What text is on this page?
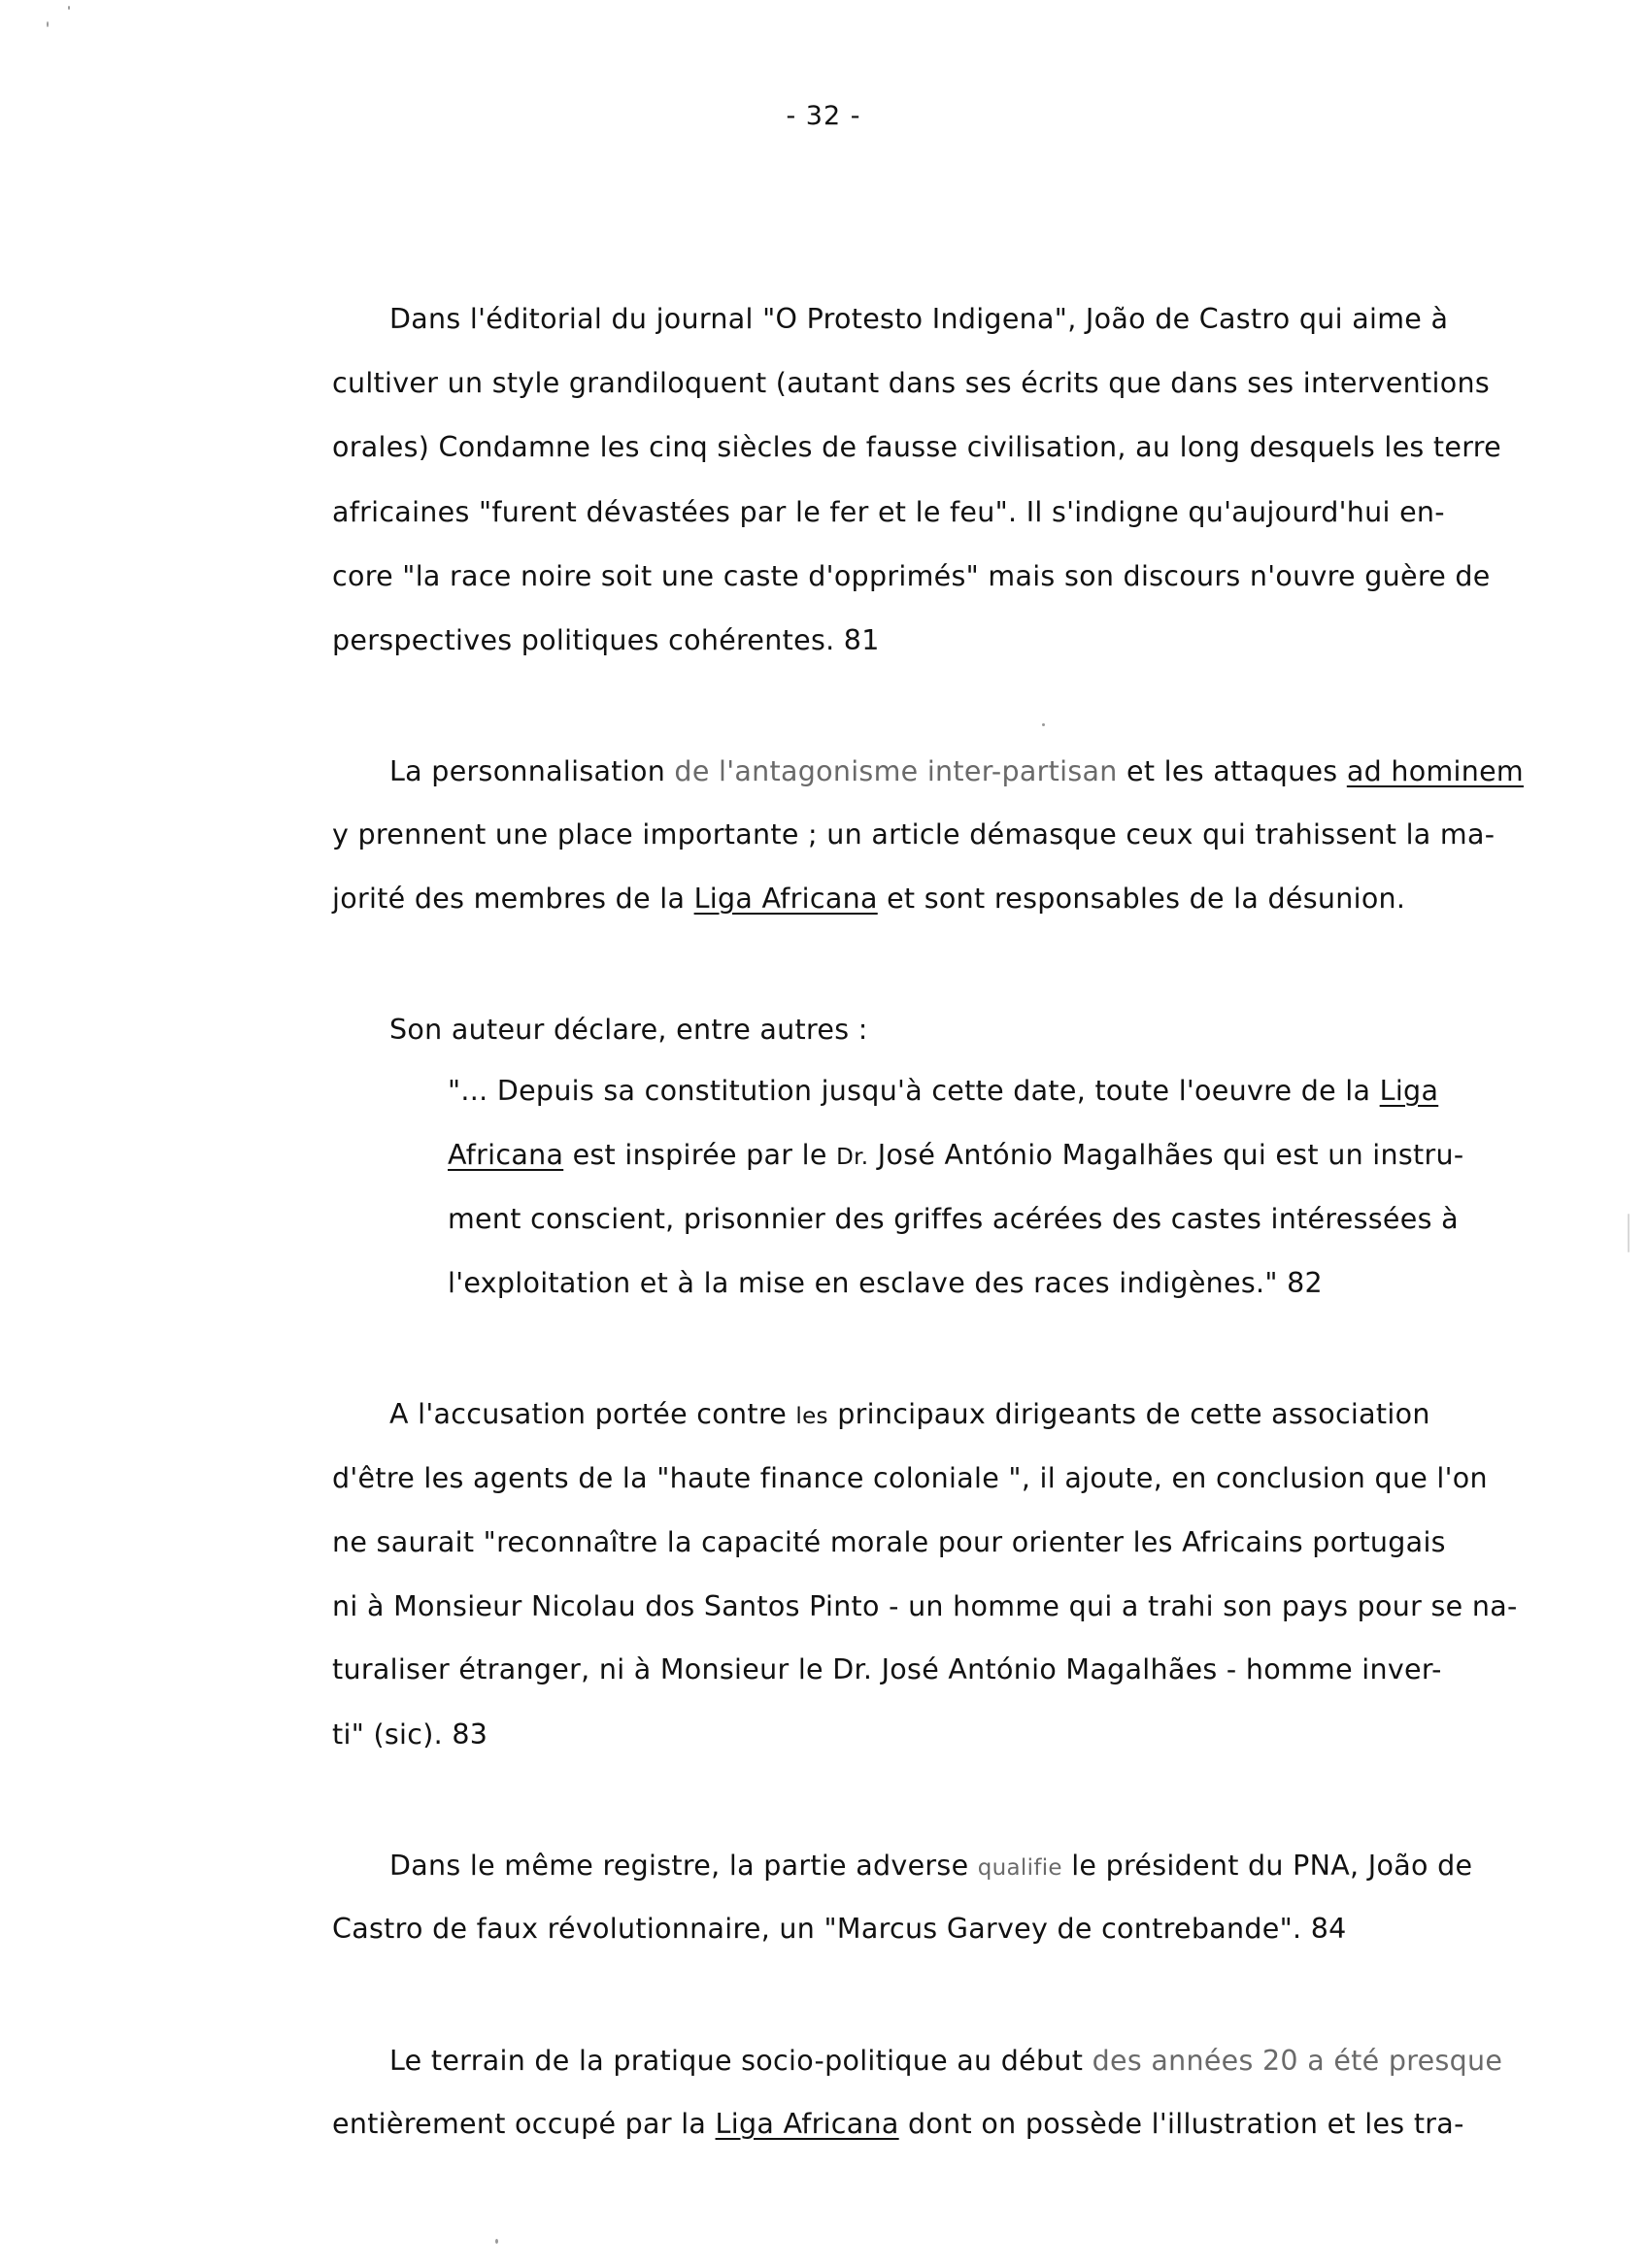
- 32 -
Dans l'éditorial du journal "O Protesto Indigena", João de Castro qui aime à
cultiver un style grandiloquent (autant dans ses écrits que dans ses interventions
orales) Condamne les cinq siècles de fausse civilisation, au long desquels les terre
africaines "furent dévastées par le fer et le feu". Il s'indigne qu'aujourd'hui en-
core "la race noire soit une caste d'opprimés" mais son discours n'ouvre guère de
perspectives politiques cohérentes. 81
La personnalisation de l'antagonisme inter-partisan et les attaques ad hominem
y prennent une place importante ; un article démasque ceux qui trahissent la ma-
jorité des membres de la Liga Africana et sont responsables de la désunion.
Son auteur déclare, entre autres :
"... Depuis sa constitution jusqu'à cette date, toute l'oeuvre de la Liga
Africana est inspirée par le Dr. José António Magalhães qui est un instru-
ment conscient, prisonnier des griffes acérées des castes intéressées à
l'exploitation et à la mise en esclave des races indigènes." 82
A l'accusation portée contre les principaux dirigeants de cette association
d'être les agents de la "haute finance coloniale ", il ajoute, en conclusion que l'on
ne saurait "reconnaître la capacité morale pour orienter les Africains portugais
ni à Monsieur Nicolau dos Santos Pinto - un homme qui a trahi son pays pour se na-
turaliser étranger, ni à Monsieur le Dr. José António Magalhães - homme inver-
ti" (sic). 83
Dans le même registre, la partie adverse qualifie le président du PNA, João de
Castro de faux révolutionnaire, un "Marcus Garvey de contrebande". 84
Le terrain de la pratique socio-politique au début des années 20 a été presque
entièrement occupé par la Liga Africana dont on possède l'illustration et les tra-
